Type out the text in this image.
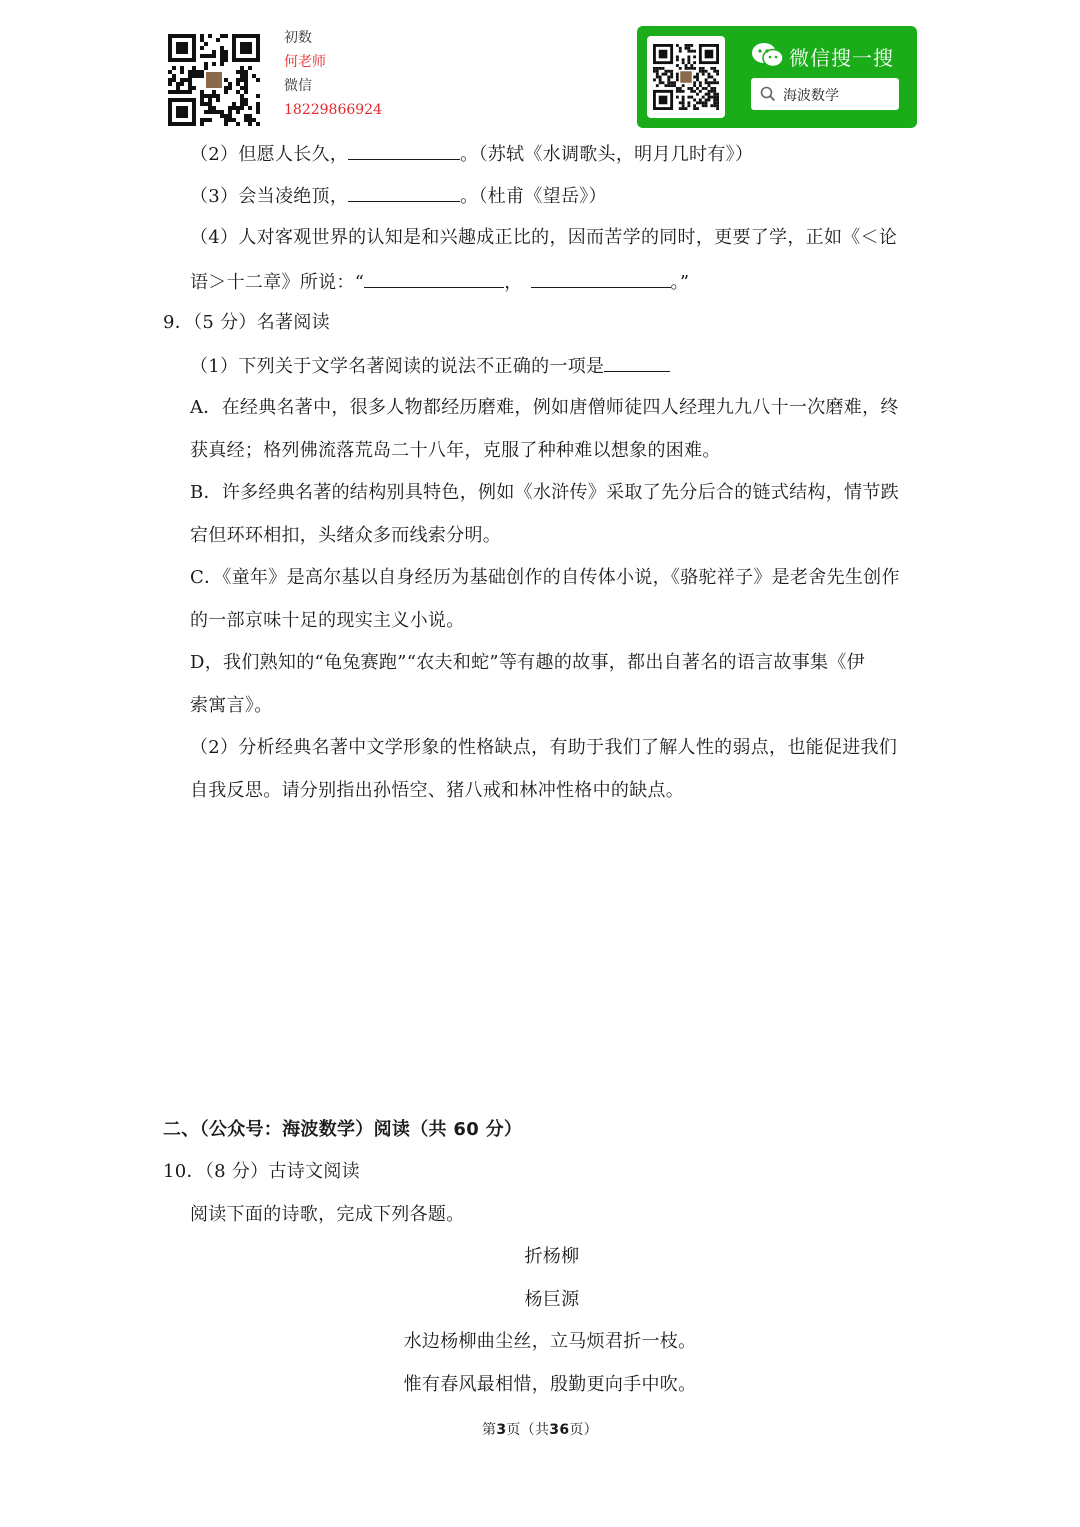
初数
何老师
微信
18229866924
微信搜一搜
海波数学
（2）但愿人长久，	。（苏轼《水调歌头，明月几时有》）
（3）会当凌绝顶，	。（杜甫《望岳》）
（4）人对客观世界的认知是和兴趣成正比的，因而苦学的同时，更要了学，正如《＜论
语＞十二章》所说：“	，	。”
9．（5 分）名著阅读
（1）下列关于文学名著阅读的说法不正确的一项是
A．在经典名著中，很多人物都经历磨难，例如唐僧师徒四人经理九九八十一次磨难，终
获真经；格列佛流落荒岛二十八年，克服了种种难以想象的困难。
B．许多经典名著的结构别具特色，例如《水浒传》采取了先分后合的链式结构，情节跌
宕但环环相扣，头绪众多而线索分明。
C．《童年》是高尔基以自身经历为基础创作的自传体小说，《骆驼祥子》是老舍先生创作
的一部京味十足的现实主义小说。
D，我们熟知的“龟兔赛跑”“农夫和蛇”等有趣的故事，都出自著名的语言故事集《伊
索寓言》。
（2）分析经典名著中文学形象的性格缺点，有助于我们了解人性的弱点，也能促进我们
自我反思。请分别指出孙悟空、猪八戒和林冲性格中的缺点。
二、（公众号：海波数学）阅读（共 60 分）
10．（8 分）古诗文阅读
阅读下面的诗歌，完成下列各题。
折杨柳
杨巨源
水边杨柳曲尘丝，立马烦君折一枝。
惟有春风最相惜，殷勤更向手中吹。
第3页（共36页）
